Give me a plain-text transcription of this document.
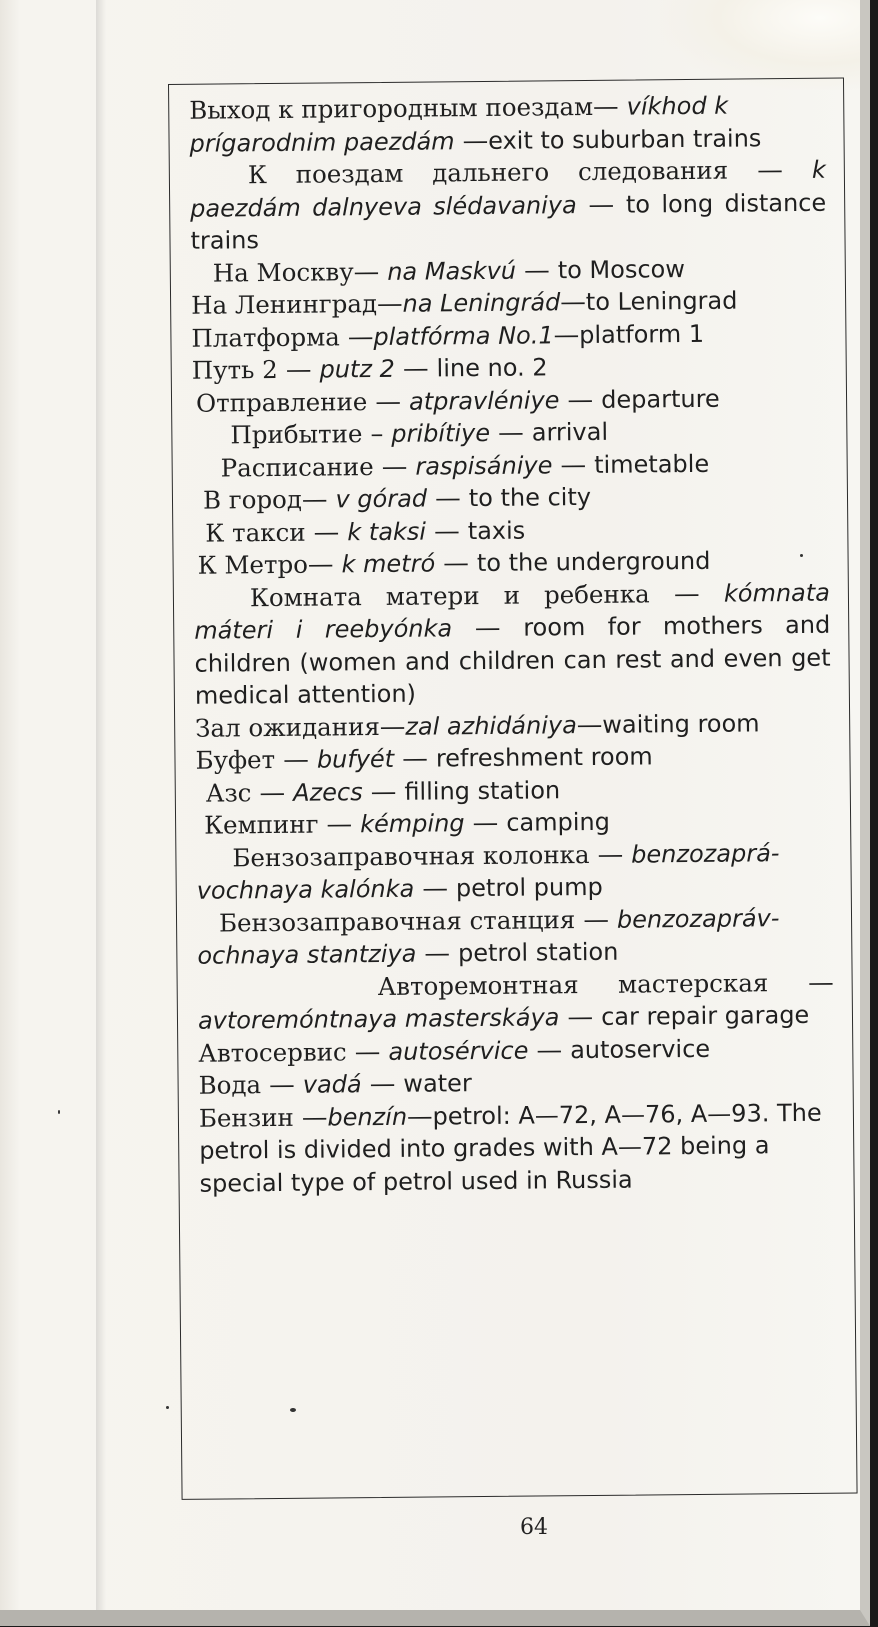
Выход к пригородным поездам— víkhod k prígarodnim paezdám —exit to suburban trains

К поездам дальнего следования — k paezdám dalnyeva slédavaniya — to long distance trains

На Москву— na Maskvú — to Moscow

На Ленинград—na Leningrád—to Leningrad

Платформа —platfórma No.1—platform 1

Путь 2 — putz 2 — line no. 2

Отправление — atpravléniye — departure

Прибытие – pribítiye — arrival

Расписание — raspisániye — timetable

В город— v górad — to the city

К такси — k taksi — taxis

К Метро— k metró — to the underground

Комната матери и ребенка — kómnata máteri i reebyónka — room for mothers and children (women and children can rest and even get medical attention)

Зал ожидания—zal azhidániya—waiting room

Буфет — bufyét — refreshment room

Азс — Azecs — filling station

Кемпинг — kémping — camping

Бензозаправочная колонка — benzozaprá-vochnaya kalónka — petrol pump

Бензозаправочная станция — benzozapráv-ochnaya stantziya — petrol station

Авторемонтная мастерская — avtoremóntnaya masterskáya — car repair garage

Автосервис — autosérvice — autoservice

Вода — vadá — water

Бензин —benzín—petrol: A—72, A—76, A—93. The petrol is divided into grades with A—72 being a special type of petrol used in Russia

64
